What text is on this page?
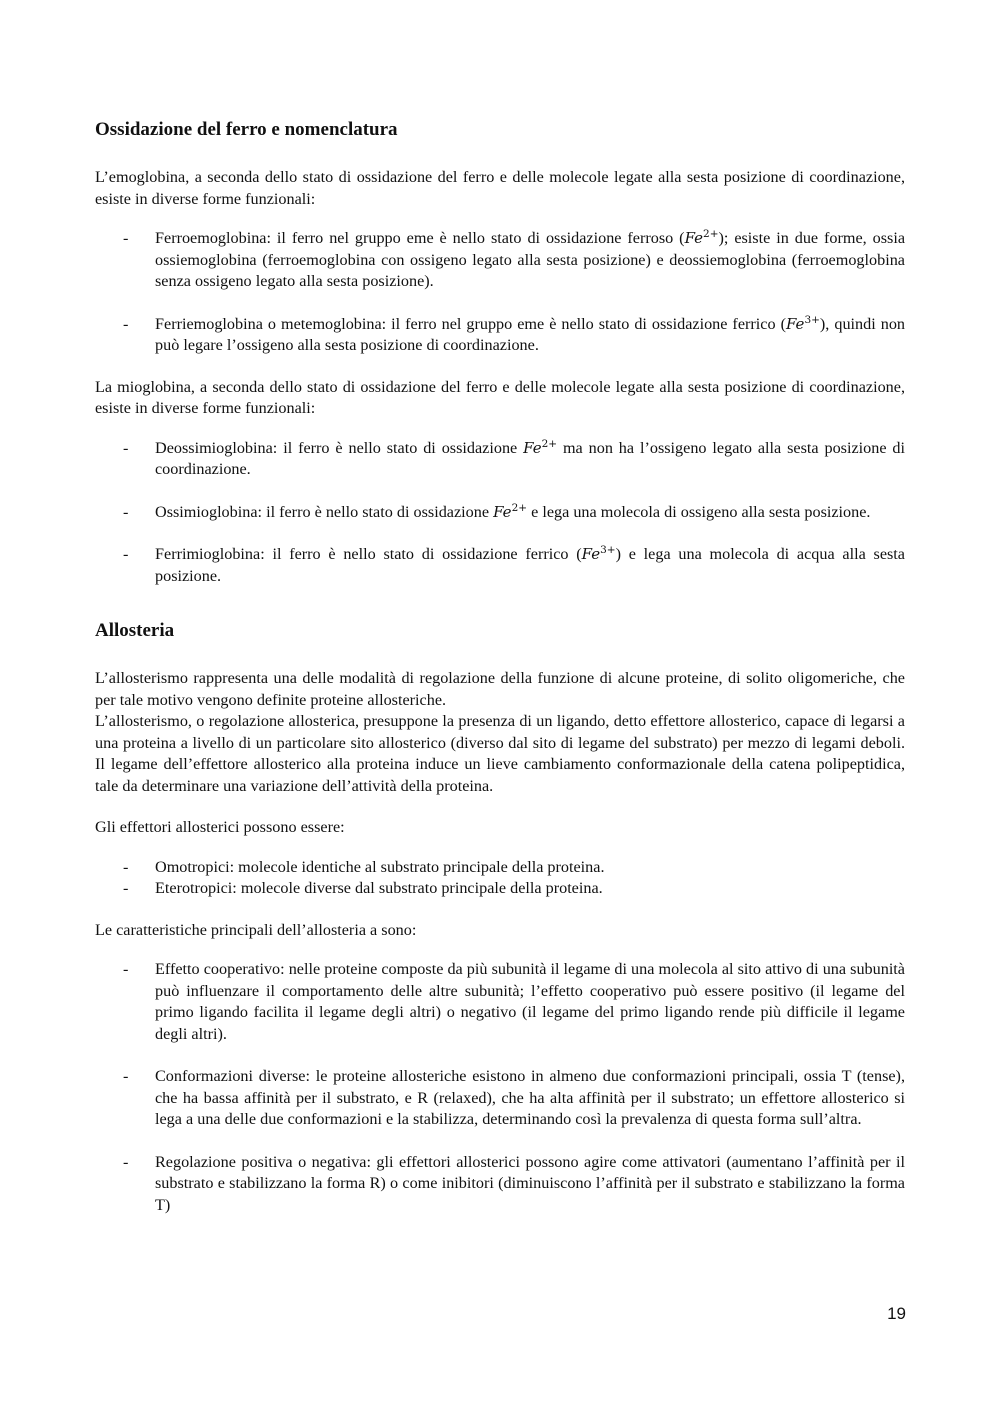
Ossidazione del ferro e nomenclatura

L’emoglobina, a seconda dello stato di ossidazione del ferro e delle molecole legate alla sesta posizione di coordinazione, esiste in diverse forme funzionali:

- Ferroemoglobina: il ferro nel gruppo eme è nello stato di ossidazione ferroso $(Fe^{2+})$; esiste in due forme, ossia ossiemoglobina (ferroemoglobina con ossigeno legato alla sesta posizione) e deossiemoglobina (ferroemoglobina senza ossigeno legato alla sesta posizione).
- Ferriemoglobina o metemoglobina: il ferro nel gruppo eme è nello stato di ossidazione ferrico $(Fe^{3+})$, quindi non può legare l’ossigeno alla sesta posizione di coordinazione.

La mioglobina, a seconda dello stato di ossidazione del ferro e delle molecole legate alla sesta posizione di coordinazione, esiste in diverse forme funzionali:

- Deossimioglobina: il ferro è nello stato di ossidazione $Fe^{2+}$ ma non ha l’ossigeno legato alla sesta posizione di coordinazione.
- Ossimioglobina: il ferro è nello stato di ossidazione $Fe^{2+}$ e lega una molecola di ossigeno alla sesta posizione.
- Ferrimioglobina: il ferro è nello stato di ossidazione ferrico $(Fe^{3+})$ e lega una molecola di acqua alla sesta posizione.
Allosteria

L’allosterismo rappresenta una delle modalità di regolazione della funzione di alcune proteine, di solito oligomeriche, che per tale motivo vengono definite proteine allosteriche.

L’allosterismo, o regolazione allosterica, presuppone la presenza di un ligando, detto effettore allosterico, capace di legarsi a una proteina a livello di un particolare sito allosterico (diverso dal sito di legame del substrato) per mezzo di legami deboli. Il legame dell’effettore allosterico alla proteina induce un lieve cambiamento conformazionale della catena polipeptidica, tale da determinare una variazione dell’attività della proteina.

Gli effettori allosterici possono essere:

- Omotropici: molecole identiche al substrato principale della proteina.
- Eterotropici: molecole diverse dal substrato principale della proteina.

Le caratteristiche principali dell’allosteria a sono:

- Effetto cooperativo: nelle proteine composte da più subunità il legame di una molecola al sito attivo di una subunità può influenzare il comportamento delle altre subunità; l’effetto cooperativo può essere positivo (il legame del primo ligando facilita il legame degli altri) o negativo (il legame del primo ligando rende più difficile il legame degli altri).
- Conformazioni diverse: le proteine allosteriche esistono in almeno due conformazioni principali, ossia T (tense), che ha bassa affinità per il substrato, e R (relaxed), che ha alta affinità per il substrato; un effettore allosterico si lega a una delle due conformazioni e la stabilizza, determinando così la prevalenza di questa forma sull’altra.
- Regolazione positiva o negativa: gli effettori allosterici possono agire come attivatori (aumentano l’affinità per il substrato e stabilizzano la forma R) o come inibitori (diminuiscono l’affinità per il substrato e stabilizzano la forma T)
19
